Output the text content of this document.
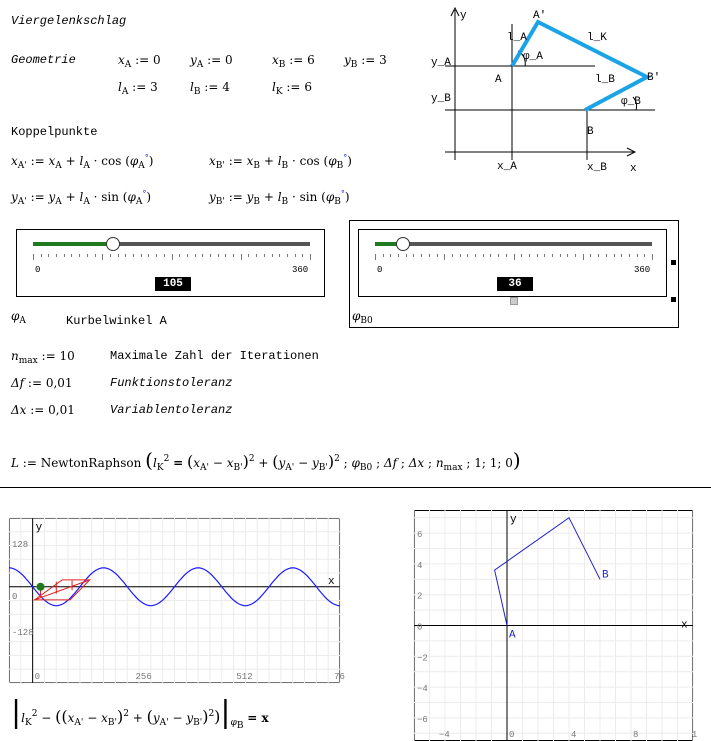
Viergelenkschlag
Geometrie	$x_A$ := 0 $y_A$ := 0	$x_B$ := 6 $y_B$ := 3
$l_A$ := 3	$l_B$ := 4	$l_K$ := 6
Koppelpunkte
$x_{A'}$ := $x_A + l_A \cdot \cos (\varphi_A^\circ)$	$x_{B'}$ := $x_B + l_B \cdot \cos (\varphi_B^\circ)$
$y_{A'}$ := $y_A + l_A \cdot \sin (\varphi_A^\circ)$	$y_{B'}$ := $y_B + l_B \cdot \sin (\varphi_B^\circ)$
y
x
y_A
y_B
x_A	x_B
A
B
A'
B'
l_A
l_B
l_K
φ_A
φ_B
0	360
105
0	360
36
$\varphi_A$	Kurbelwinkel A	$\varphi_{B0}$
$n_{max}$ := 10	Maximale Zahl der Iterationen
Δf := 0,01	Funktionstoleranz
Δx := 0,01	Variablentoleranz
L := NewtonRaphson ($l_K^2 = (x_{A'} - x_{B'})^2 + (y_{A'} - y_{B'})^2$ ; $\varphi_{B0}$ ; Δf ; Δx ; $n_{max}$ ; 1; 1; 0)
y
x
128
0
-128
0	256	512	76
A
B
y
x
6
4
2
0
−2
−4
−6
−4	0	4	8	1
$|l_K^2 - ((x_{A'} - x_{B'})^2 + (y_{A'} - y_{B'})^2)|_{\varphi_B} = x$
